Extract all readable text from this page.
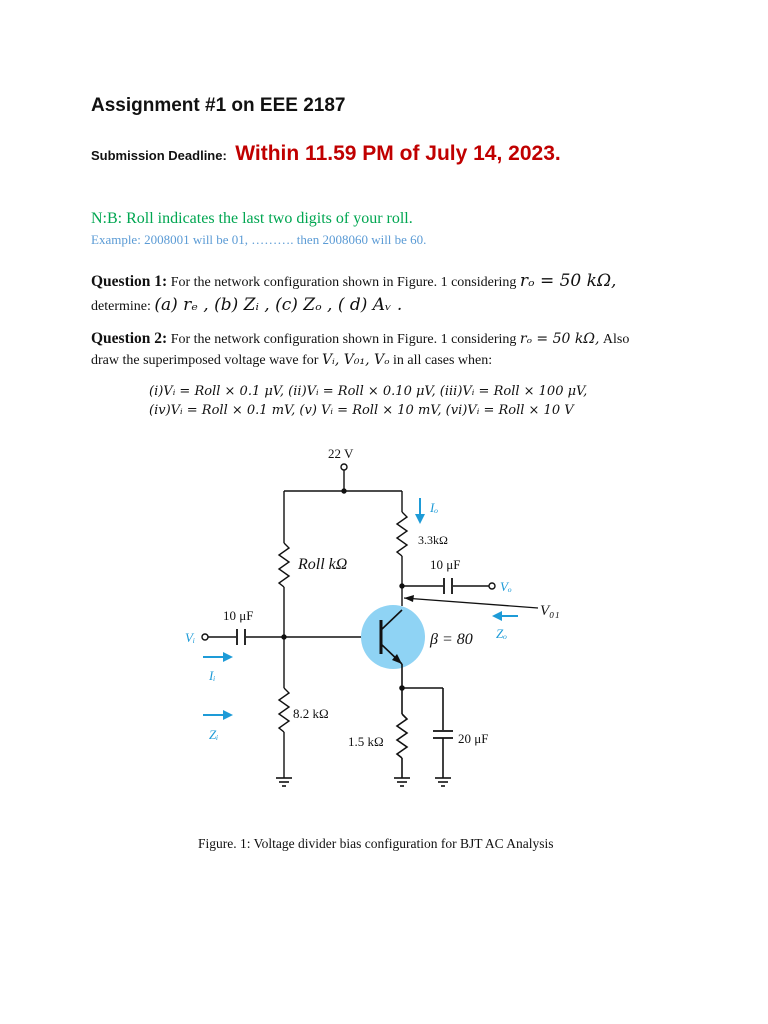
Assignment #1 on EEE 2187
Submission Deadline: Within 11.59 PM of July 14, 2023.
N:B: Roll indicates the last two digits of your roll.
Example: 2008001 will be 01, ………. then 2008060 will be 60.
Question 1: For the network configuration shown in Figure. 1 considering rₒ = 50 kΩ,
determine: (a) rₑ , (b) Zᵢ , (c) Zₒ , ( d) Aᵥ .
Question 2: For the network configuration shown in Figure. 1 considering rₒ = 50 kΩ, Also
draw the superimposed voltage wave for Vᵢ, V₀₁, Vₒ in all cases when:
(i)Vᵢ = Roll × 0.1 μV, (ii)Vᵢ = Roll × 0.10 μV, (iii)Vᵢ = Roll × 100 μV,
(iv)Vᵢ = Roll × 0.1 mV, (v) Vᵢ = Roll × 10 mV, (vi)Vᵢ = Roll × 10 V
22 V
Roll kΩ
8.2 kΩ
3.3kΩ
1.5 kΩ
10 μF
10 μF
20 μF
β = 80
Iₒ
Vₒ
V₀₁
Zₒ
Vᵢ
Iᵢ
Zᵢ
Figure. 1: Voltage divider bias configuration for BJT AC Analysis
